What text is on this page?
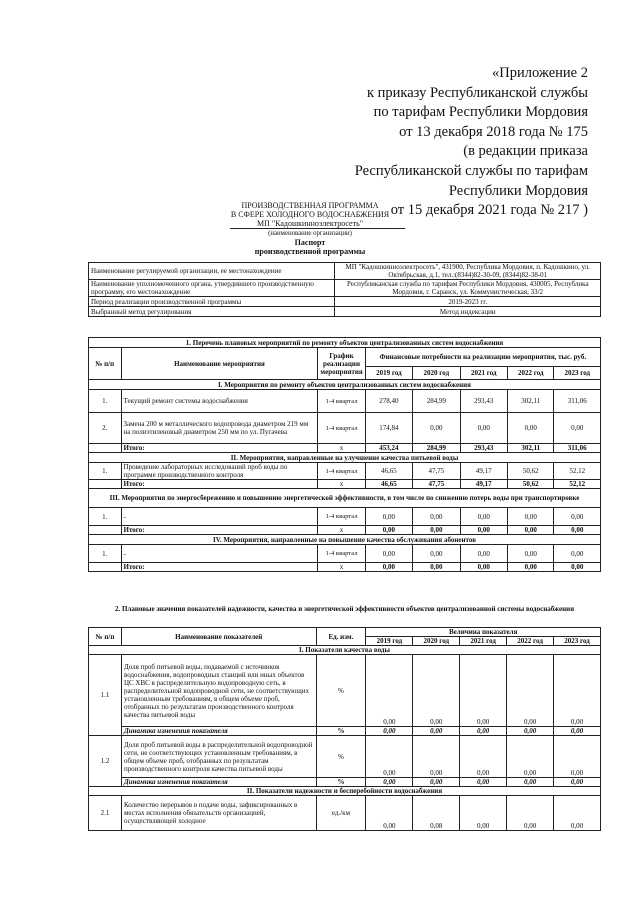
«Приложение 2
к приказу Республиканской службы
по тарифам Республики Мордовия
от 13 декабря 2018 года № 175
(в редакции приказа
Республиканской службы по тарифам
Республики Мордовия
от 15 декабря 2021 года № 217 )
ПРОИЗВОДСТВЕННАЯ ПРОГРАММА
В СФЕРЕ ХОЛОДНОГО ВОДОСНАБЖЕНИЯ
МП "Кадошкинноэлектросеть"
(наименование организации)
Паспорт
производственной программы
Наименование регулируемой организации, ее местонахождение	МП "Кадошкинноэлектросеть", 431900, Республика Мордовия, п. Кадошкино, ул. Октябрьская, д.1, тел.:(8344)82-30-09, (8344)82-38-01
Наименование уполномоченного органа, утвердившего производственную программу, его местонахождение	Республиканская служба по тарифам Республики Мордовия, 430005, Республика Мордовия, г. Саранск, ул. Коммунистическая, 33/2
Период реализации производственной программы	2019-2023 гг.
Выбранный метод регулирования	Метод индексации
1. Перечень плановых мероприятий по ремонту объектов централизованных систем водоснабжения							
№ п/п	Наименование мероприятия	График реализации мероприятия	Финансовые потребности на реализацию мероприятия, тыс. руб.				
			2019 год	2020 год	2021 год	2022 год	2023 год
I. Мероприятия по ремонту объектов централизованных систем водоснабжения							
1.	Текущий ремонт системы водоснабжения	1-4 квартал	278,40	284,99	293,43	302,11	311,06
2.	Замена 200 м металлического водопровода диаметром 219 мм на полиэтиленовый диаметром 250 мм по ул. Пугачева	1-4 квартал	174,84	0,00	0,00	0,00	0,00
	Итого:	х	453,24	284,99	293,43	302,11	311,06
II. Мероприятия, направленные на улучшение качества питьевой воды							
1.	Проведение лабораторных исследований проб воды по программе производственного контроля	1-4 квартал	46,65	47,75	49,17	50,62	52,12
	Итого:	х	46,65	47,75	49,17	50,62	52,12
III. Мероприятия по энергосбережению и повышению энергетической эффективности, в том числе по снижению потерь воды при транспортировке							
1.	-	1-4 квартал	0,00	0,00	0,00	0,00	0,00
	Итого:	х	0,00	0,00	0,00	0,00	0,00
IV. Мероприятия, направленные на повышение качества обслуживания абонентов							
1.	-	1-4 квартал	0,00	0,00	0,00	0,00	0,00
	Итого:	х	0,00	0,00	0,00	0,00	0,00
2. Плановые значения показателей надежности, качества и энергетической эффективности объектов централизованной системы водоснабжения
№ п/п	Наименование показателей	Ед. изм.	Величина показателя				
			2019 год	2020 год	2021 год	2022 год	2023 год
I. Показатели качества воды							
1.1	Доля проб питьевой воды, подаваемой с источников водоснабжения, водопроводных станций или иных объектов ЦС ХВС в распределительную водопроводную сеть, в распределительной водопроводной сети, не соответствующих установленным требованиям, в общем объеме проб, отобранных по результатам производственного контроля качества питьевой воды	%	0,00	0,00	0,00	0,00	0,00
	Динамика изменения показателя	%	0,00	0,00	0,00	0,00	0,00
1.2	Доля проб питьевой воды в распределительной водопроводной сети, не соответствующих установленным требованиям, в общем объеме проб, отобранных по результатам производственного контроля качества питьевой воды	%	0,00	0,00	0,00	0,00	0,00
	Динамика изменения показателя	%	0,00	0,00	0,00	0,00	0,00
II. Показатели надежности и бесперебойности водоснабжения							
2.1	Количество перерывов в подаче воды, зафиксированных в местах исполнения обязательств организацией, осуществляющей холодное	ед./км	0,00	0,08	0,00	0,00	0,00
